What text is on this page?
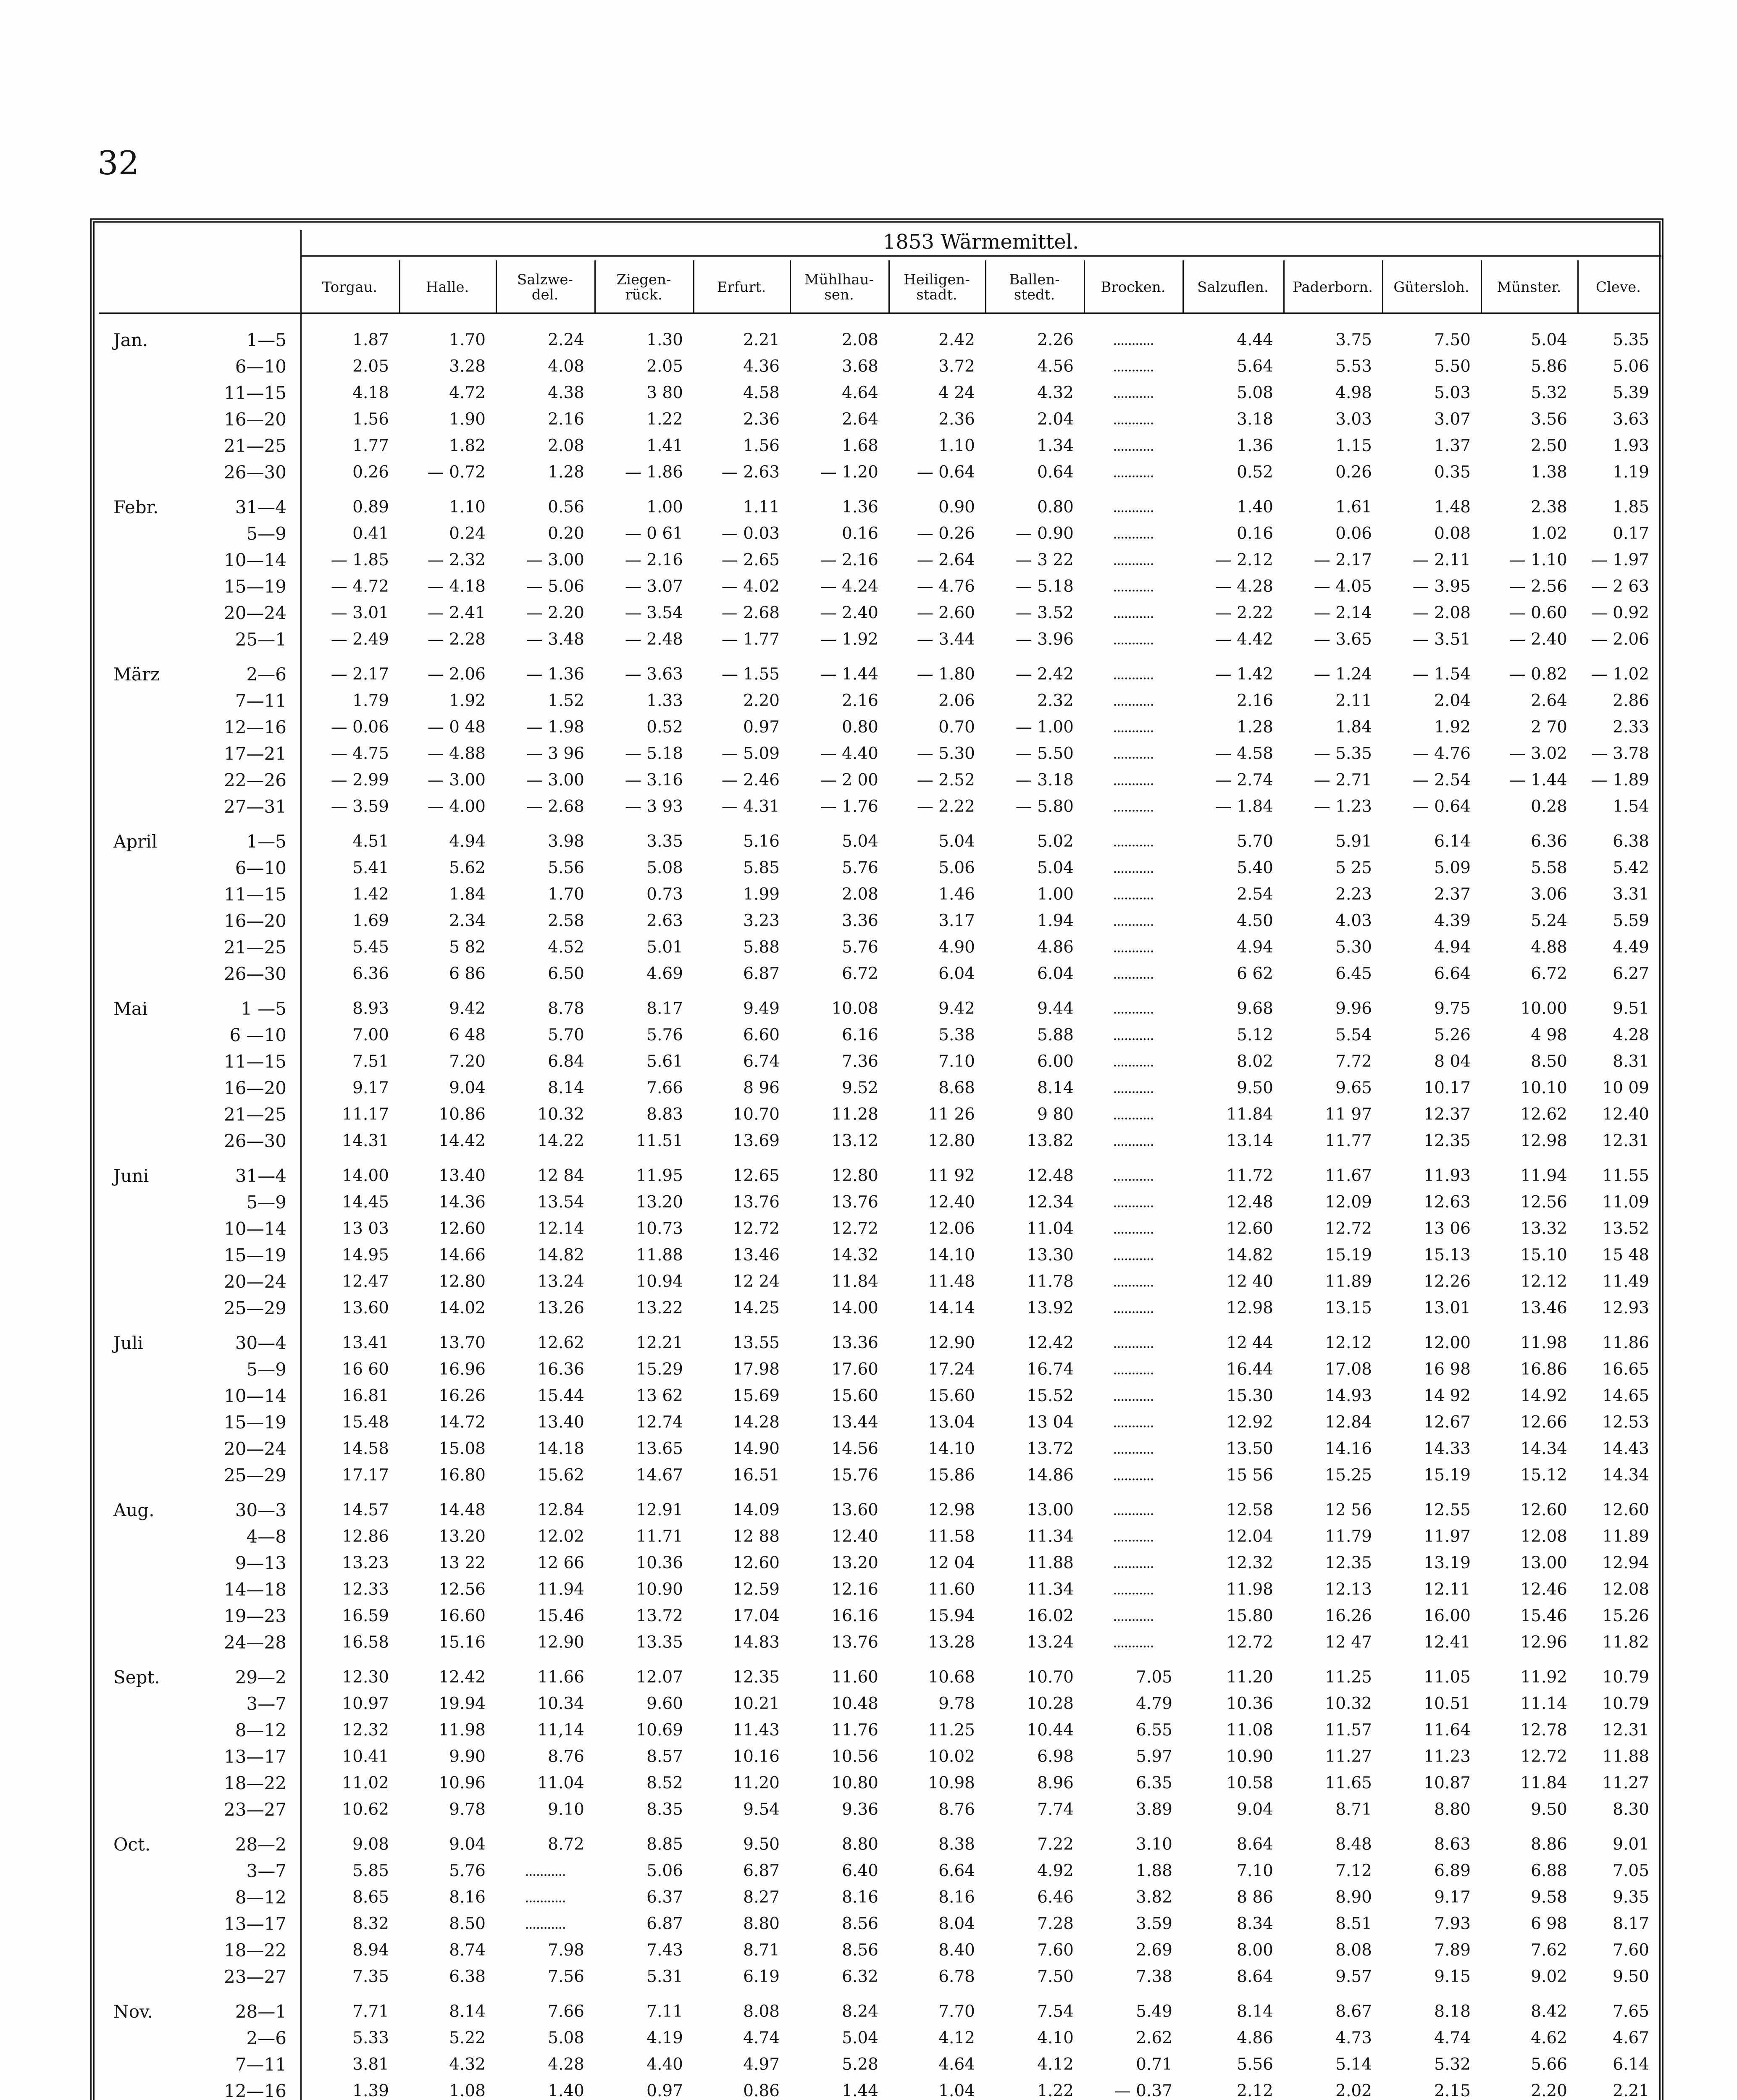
32
1853 Wärmemittel.
Torgau.	Halle.	Salzwe-
del.
Ziegen-
rück.	Erfurt.	Mühlhau-
sen.
Heiligen-
stadt.
Ballen-
stedt.	Brocken. Salzuflen. Paderborn. Gütersloh. Münster. Cleve.
Jan.	1—5	1.87	1.70	2.24	1.30	2.21	2.08	2.42	2.26	...........	4.44	3.75	7.50	5.04	5.35
6—10	2.05	3.28	4.08	2.05	4.36	3.68	3.72	4.56	...........	5.64	5.53	5.50	5.86	5.06
11—15	4.18	4.72	4.38	3 80	4.58	4.64	4 24	4.32	...........	5.08	4.98	5.03	5.32	5.39
16—20	1.56	1.90	2.16	1.22	2.36	2.64	2.36	2.04	...........	3.18	3.03	3.07	3.56	3.63
21—25	1.77	1.82	2.08	1.41	1.56	1.68	1.10	1.34	...........	1.36	1.15	1.37	2.50	1.93
26—30	0.26	— 0.72	1.28	— 1.86	— 2.63	— 1.20	— 0.64	0.64	...........	0.52	0.26	0.35	1.38	1.19
Febr.	31—4	0.89	1.10	0.56	1.00	1.11	1.36	0.90	0.80	...........	1.40	1.61	1.48	2.38	1.85
5—9	0.41	0.24	0.20	— 0 61	— 0.03	0.16	— 0.26	— 0.90	...........	0.16	0.06	0.08	1.02	0.17
10—14	— 1.85	— 2.32	— 3.00	— 2.16	— 2.65	— 2.16	— 2.64	— 3 22	...........	— 2.12	— 2.17	— 2.11	— 1.10	— 1.97
15—19	— 4.72	— 4.18	— 5.06	— 3.07	— 4.02	— 4.24	— 4.76	— 5.18	...........	— 4.28	— 4.05	— 3.95	— 2.56	— 2 63
20—24	— 3.01	— 2.41	— 2.20	— 3.54	— 2.68	— 2.40	— 2.60	— 3.52	...........	— 2.22	— 2.14	— 2.08	— 0.60	— 0.92
25—1	— 2.49	— 2.28	— 3.48	— 2.48	— 1.77	— 1.92	— 3.44	— 3.96	...........	— 4.42	— 3.65	— 3.51	— 2.40	— 2.06
März	2—6	— 2.17	— 2.06	— 1.36	— 3.63	— 1.55	— 1.44	— 1.80	— 2.42	...........	— 1.42	— 1.24	— 1.54	— 0.82	— 1.02
7—11	1.79	1.92	1.52	1.33	2.20	2.16	2.06	2.32	...........	2.16	2.11	2.04	2.64	2.86
12—16	— 0.06	— 0 48	— 1.98	0.52	0.97	0.80	0.70	— 1.00	...........	1.28	1.84	1.92	2 70	2.33
17—21	— 4.75	— 4.88	— 3 96	— 5.18	— 5.09	— 4.40	— 5.30	— 5.50	...........	— 4.58	— 5.35	— 4.76	— 3.02	— 3.78
22—26	— 2.99	— 3.00	— 3.00	— 3.16	— 2.46	— 2 00	— 2.52	— 3.18	...........	— 2.74	— 2.71	— 2.54	— 1.44	— 1.89
27—31	— 3.59	— 4.00	— 2.68	— 3 93	— 4.31	— 1.76	— 2.22	— 5.80	...........	— 1.84	— 1.23	— 0.64	0.28	1.54
April	1—5	4.51	4.94	3.98	3.35	5.16	5.04	5.04	5.02	...........	5.70	5.91	6.14	6.36	6.38
6—10	5.41	5.62	5.56	5.08	5.85	5.76	5.06	5.04	...........	5.40	5 25	5.09	5.58	5.42
11—15	1.42	1.84	1.70	0.73	1.99	2.08	1.46	1.00	...........	2.54	2.23	2.37	3.06	3.31
16—20	1.69	2.34	2.58	2.63	3.23	3.36	3.17	1.94	...........	4.50	4.03	4.39	5.24	5.59
21—25	5.45	5 82	4.52	5.01	5.88	5.76	4.90	4.86	...........	4.94	5.30	4.94	4.88	4.49
26—30	6.36	6 86	6.50	4.69	6.87	6.72	6.04	6.04	...........	6 62	6.45	6.64	6.72	6.27
Mai	1 —5	8.93	9.42	8.78	8.17	9.49	10.08	9.42	9.44	...........	9.68	9.96	9.75	10.00	9.51
6 —10	7.00	6 48	5.70	5.76	6.60	6.16	5.38	5.88	...........	5.12	5.54	5.26	4 98	4.28
11—15	7.51	7.20	6.84	5.61	6.74	7.36	7.10	6.00	...........	8.02	7.72	8 04	8.50	8.31
16—20	9.17	9.04	8.14	7.66	8 96	9.52	8.68	8.14	...........	9.50	9.65	10.17	10.10	10 09
21—25	11.17	10.86	10.32	8.83	10.70	11.28	11 26	9 80	...........	11.84	11 97	12.37	12.62	12.40
26—30	14.31	14.42	14.22	11.51	13.69	13.12	12.80	13.82	...........	13.14	11.77	12.35	12.98	12.31
Juni	31—4	14.00	13.40	12 84	11.95	12.65	12.80	11 92	12.48	...........	11.72	11.67	11.93	11.94	11.55
5—9	14.45	14.36	13.54	13.20	13.76	13.76	12.40	12.34	...........	12.48	12.09	12.63	12.56	11.09
10—14	13 03	12.60	12.14	10.73	12.72	12.72	12.06	11.04	...........	12.60	12.72	13 06	13.32	13.52
15—19	14.95	14.66	14.82	11.88	13.46	14.32	14.10	13.30	...........	14.82	15.19	15.13	15.10	15 48
20—24	12.47	12.80	13.24	10.94	12 24	11.84	11.48	11.78	...........	12 40	11.89	12.26	12.12	11.49
25—29	13.60	14.02	13.26	13.22	14.25	14.00	14.14	13.92	...........	12.98	13.15	13.01	13.46	12.93
Juli	30—4	13.41	13.70	12.62	12.21	13.55	13.36	12.90	12.42	...........	12 44	12.12	12.00	11.98	11.86
5—9	16 60	16.96	16.36	15.29	17.98	17.60	17.24	16.74	...........	16.44	17.08	16 98	16.86	16.65
10—14	16.81	16.26	15.44	13 62	15.69	15.60	15.60	15.52	...........	15.30	14.93	14 92	14.92	14.65
15—19	15.48	14.72	13.40	12.74	14.28	13.44	13.04	13 04	...........	12.92	12.84	12.67	12.66	12.53
20—24	14.58	15.08	14.18	13.65	14.90	14.56	14.10	13.72	...........	13.50	14.16	14.33	14.34	14.43
25—29	17.17	16.80	15.62	14.67	16.51	15.76	15.86	14.86	...........	15 56	15.25	15.19	15.12	14.34
Aug.	30—3	14.57	14.48	12.84	12.91	14.09	13.60	12.98	13.00	...........	12.58	12 56	12.55	12.60	12.60
4—8	12.86	13.20	12.02	11.71	12 88	12.40	11.58	11.34	...........	12.04	11.79	11.97	12.08	11.89
9—13	13.23	13 22	12 66	10.36	12.60	13.20	12 04	11.88	...........	12.32	12.35	13.19	13.00	12.94
14—18	12.33	12.56	11.94	10.90	12.59	12.16	11.60	11.34	...........	11.98	12.13	12.11	12.46	12.08
19—23	16.59	16.60	15.46	13.72	17.04	16.16	15.94	16.02	...........	15.80	16.26	16.00	15.46	15.26
24—28	16.58	15.16	12.90	13.35	14.83	13.76	13.28	13.24	...........	12.72	12 47	12.41	12.96	11.82
Sept.	29—2	12.30	12.42	11.66	12.07	12.35	11.60	10.68	10.70	7.05	11.20	11.25	11.05	11.92	10.79
3—7	10.97	19.94	10.34	9.60	10.21	10.48	9.78	10.28	4.79	10.36	10.32	10.51	11.14	10.79
8—12	12.32	11.98	11,14	10.69	11.43	11.76	11.25	10.44	6.55	11.08	11.57	11.64	12.78	12.31
13—17	10.41	9.90	8.76	8.57	10.16	10.56	10.02	6.98	5.97	10.90	11.27	11.23	12.72	11.88
18—22	11.02	10.96	11.04	8.52	11.20	10.80	10.98	8.96	6.35	10.58	11.65	10.87	11.84	11.27
23—27	10.62	9.78	9.10	8.35	9.54	9.36	8.76	7.74	3.89	9.04	8.71	8.80	9.50	8.30
Oct.	28—2	9.08	9.04	8.72	8.85	9.50	8.80	8.38	7.22	3.10	8.64	8.48	8.63	8.86	9.01
3—7	5.85	5.76	...........	5.06	6.87	6.40	6.64	4.92	1.88	7.10	7.12	6.89	6.88	7.05
8—12	8.65	8.16	...........	6.37	8.27	8.16	8.16	6.46	3.82	8 86	8.90	9.17	9.58	9.35
13—17	8.32	8.50	...........	6.87	8.80	8.56	8.04	7.28	3.59	8.34	8.51	7.93	6 98	8.17
18—22	8.94	8.74	7.98	7.43	8.71	8.56	8.40	7.60	2.69	8.00	8.08	7.89	7.62	7.60
23—27	7.35	6.38	7.56	5.31	6.19	6.32	6.78	7.50	7.38	8.64	9.57	9.15	9.02	9.50
Nov.	28—1	7.71	8.14	7.66	7.11	8.08	8.24	7.70	7.54	5.49	8.14	8.67	8.18	8.42	7.65
2—6	5.33	5.22	5.08	4.19	4.74	5.04	4.12	4.10	2.62	4.86	4.73	4.74	4.62	4.67
7—11	3.81	4.32	4.28	4.40	4.97	5.28	4.64	4.12	0.71	5.56	5.14	5.32	5.66	6.14
12—16	1.39	1.08	1.40	0.97	0.86	1.44	1.04	1.22	— 0.37	2.12	2.02	2.15	2.20	2.21
